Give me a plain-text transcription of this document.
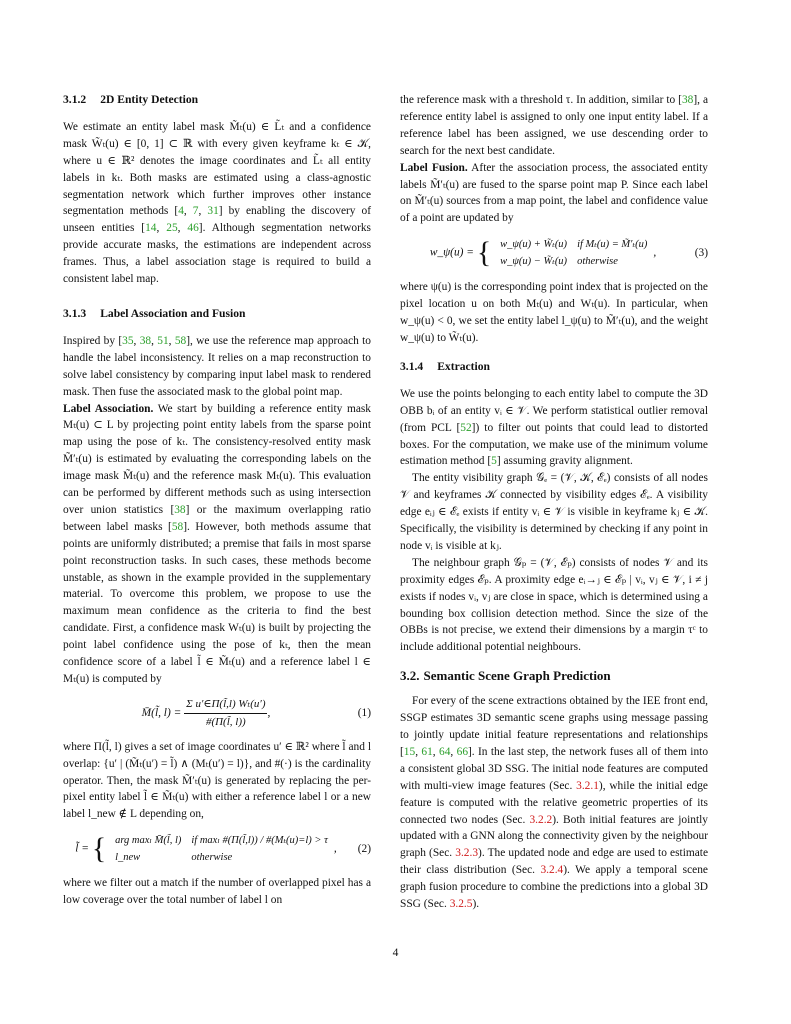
3.1.2 2D Entity Detection

We estimate an entity label mask M̃ₜ(u) ∈ L̃ₜ and a confidence mask W̃ₜ(u) ∈ [0, 1] ⊂ ℝ with every given keyframe kₜ ∈ 𝒦, where u ∈ ℝ² denotes the image coordinates and L̃ₜ all entity labels in kₜ. Both masks are estimated using a class-agnostic segmentation network which further improves other instance segmentation methods [4, 7, 31] by enabling the discovery of unseen entities [14, 25, 46]. Although segmentation networks provide accurate masks, the estimations are independent across frames. Thus, a label association stage is required to build a consistent label map.

3.1.3 Label Association and Fusion

Inspired by [35, 38, 51, 58], we use the reference map approach to handle the label inconsistency. It relies on a map reconstruction to solve label consistency by comparing input label mask to rendered mask. Then fuse the associated mask to the global point map.

Label Association. We start by building a reference entity mask Mₜ(u) ⊂ L by projecting point entity labels from the sparse point map using the pose of kₜ. The consistency-resolved entity mask M̃′ₜ(u) is estimated by evaluating the corresponding labels on the image mask M̃ₜ(u) and the reference mask Mₜ(u). This evaluation can be performed by different methods such as using intersection over union statistics [38] or the maximum overlapping ratio between label masks [58]. However, both methods assume that points are uniformly distributed; a premise that fails in most sparse point reconstruction tasks. In such cases, these methods become unstable, as shown in the example provided in the supplementary material. To overcome this problem, we propose to use the maximum mean confidence as the criteria to find the best candidate. First, a confidence mask Wₜ(u) is built by projecting the point label confidence using the pose of kₜ, then the mean confidence score of a label l̃ ∈ M̃ₜ(u) and a reference label l ∈ Mₜ(u) is computed by

M̄(l̃, $l) = \frac{\text{Σ u′∈Π(l̃,l) Wₜ(u′)}}{\#(\Pi(l̃, l))}$ ,	(1)

where Π(l̃, l) gives a set of image coordinates u′ ∈ ℝ² where l̃ and l overlap: {u′ | (M̃ₜ(u′) = l̃) ∧ (Mₜ(u′) = l)}, and #(·) is the cardinality operator. Then, the mask M̃′ₜ(u) is generated by replacing the per-pixel entity label l̃ ∈ M̃ₜ(u) with either a reference label l or a new label l_new ∉ L depending on,

l̃ = { arg maxₗ M̄(l̃, l)	if maxₗ #(Π(l̃,l)) / #(Mₜ(u)=l) > τ
l_new	otherwise,	(2)

where we filter out a match if the number of overlapped pixel has a low coverage over the total number of label l on

the reference mask with a threshold τ. In addition, similar to [38], a reference entity label is assigned to only one input entity label. If a reference label has been assigned, we use descending order to search for the next best candidate.

Label Fusion. After the association process, the associated entity labels M̃′ₜ(u) are fused to the sparse point map P. Since each label on M̃′ₜ(u) sources from a map point, the label and confidence value of a point are updated by

w_ψ(u) = { w_ψ(u) + W̃ₜ(u)	if Mₜ(u) = M̃′ₜ(u)
w_ψ(u) − W̃ₜ(u)	otherwise,	(3)

where ψ(u) is the corresponding point index that is projected on the pixel location u on both Mₜ(u) and Wₜ(u). In particular, when w_ψ(u) < 0, we set the entity label l_ψ(u) to M̃′ₜ(u), and the weight w_ψ(u) to W̃ₜ(u).

3.1.4 Extraction

We use the points belonging to each entity label to compute the 3D OBB bᵢ of an entity vᵢ ∈ 𝒱. We perform statistical outlier removal (from PCL [52]) to filter out points that could lead to distorted boxes. For the computation, we make use of the minimum volume estimation method [5] assuming gravity alignment.

The entity visibility graph 𝒢ₑ = (𝒱, 𝒦, ℰₑ) consists of all nodes 𝒱 and keyframes 𝒦 connected by visibility edges ℰₑ. A visibility edge eᵢⱼ ∈ ℰₑ exists if entity vᵢ ∈ 𝒱 is visible in keyframe kⱼ ∈ 𝒦. Specifically, the visibility is determined by checking if any point in node vᵢ is visible at kⱼ.

The neighbour graph 𝒢ₚ = (𝒱, ℰₚ) consists of nodes 𝒱 and its proximity edges ℰₚ. A proximity edge eᵢ→ⱼ ∈ ℰₚ | vᵢ, vⱼ ∈ 𝒱, i ≠ j exists if nodes vᵢ, vⱼ are close in space, which is determined using a bounding box collision detection method. Since the size of the OBBs is not precise, we extend their dimensions by a margin τᶜ to include additional potential neighbours.

3.2. Semantic Scene Graph Prediction

For every of the scene extractions obtained by the IEE front end, SSGP estimates 3D semantic scene graphs using message passing to jointly update initial feature representations and relationships [15, 61, 64, 66]. In the last step, the network fuses all of them into a consistent global 3D SSG. The initial node features are computed with multi-view image features (Sec. 3.2.1), while the initial edge feature is computed with the relative geometric properties of its connected two nodes (Sec. 3.2.2). Both initial features are jointly updated with a GNN along the connectivity given by the neighbour graph (Sec. 3.2.3). The updated node and edge are used to estimate their class distribution (Sec. 3.2.4). We apply a temporal scene graph fusion procedure to combine the predictions into a global 3D SSG (Sec. 3.2.5).

4
